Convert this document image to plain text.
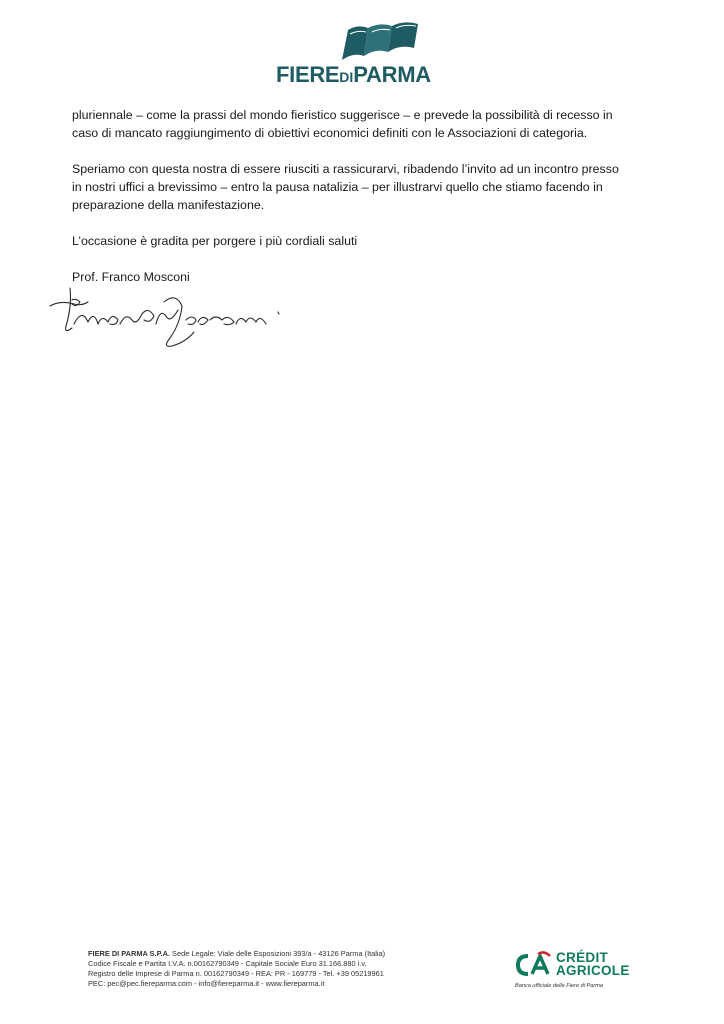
FIEREDIPARMA

pluriennale – come la prassi del mondo fieristico suggerisce – e prevede la possibilità di recesso in

caso di mancato raggiungimento di obiettivi economici definiti con le Associazioni di categoria.

Speriamo con questa nostra di essere riusciti a rassicurarvi, ribadendo l’invito ad un incontro presso

in nostri uffici a brevissimo – entro la pausa natalizia – per illustrarvi quello che stiamo facendo in

preparazione della manifestazione.

L’occasione è gradita per porgere i più cordiali saluti

Prof. Franco Mosconi

FIERE DI PARMA S.P.A. Sede Legale: Viale delle Esposizioni 393/a - 43126 Parma (Italia)
Codice Fiscale e Partita I.V.A. n.00162790349 - Capitale Sociale Euro 31.166.880 i.v.
Registro delle Imprese di Parma n. 00162790349 - REA: PR - 169779 - Tel. +39 05219961
PEC: pec@pec.fiereparma.com - info@fiereparma.it - www.fiereparma.it
CRÉDIT
AGRICOLE
Banca ufficiale delle Fiere di Parma
